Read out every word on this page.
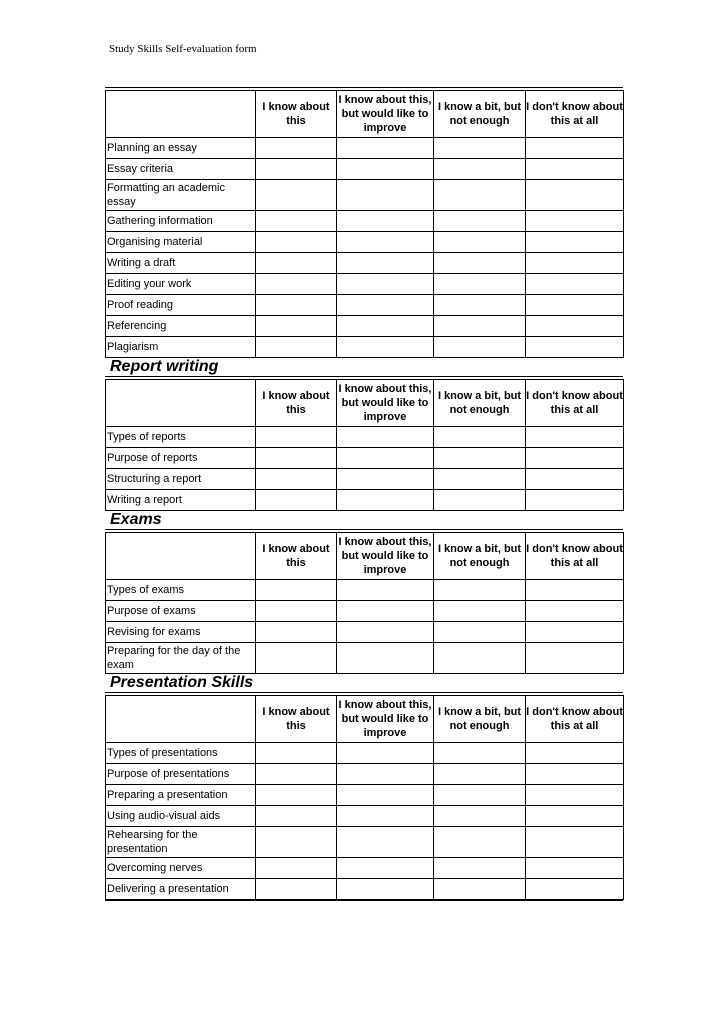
Study Skills Self-evaluation form
	I know about this	I know about this, but would like to improve	I know a bit, but not enough	I don't know about this at all
Planning an essay				
Essay criteria				
Formatting an academic essay				
Gathering information				
Organising material				
Writing a draft				
Editing your work				
Proof reading				
Referencing				
Plagiarism				
Report writing
	I know about this	I know about this, but would like to improve	I know a bit, but not enough	I don't know about this at all
Types of reports				
Purpose of reports				
Structuring a report				
Writing a report				
Exams
	I know about this	I know about this, but would like to improve	I know a bit, but not enough	I don't know about this at all
Types of exams				
Purpose of exams				
Revising for exams				
Preparing for the day of the exam				
Presentation Skills
	I know about this	I know about this, but would like to improve	I know a bit, but not enough	I don't know about this at all
Types of presentations				
Purpose of presentations				
Preparing a presentation				
Using audio-visual aids				
Rehearsing for the presentation				
Overcoming nerves				
Delivering a presentation				
